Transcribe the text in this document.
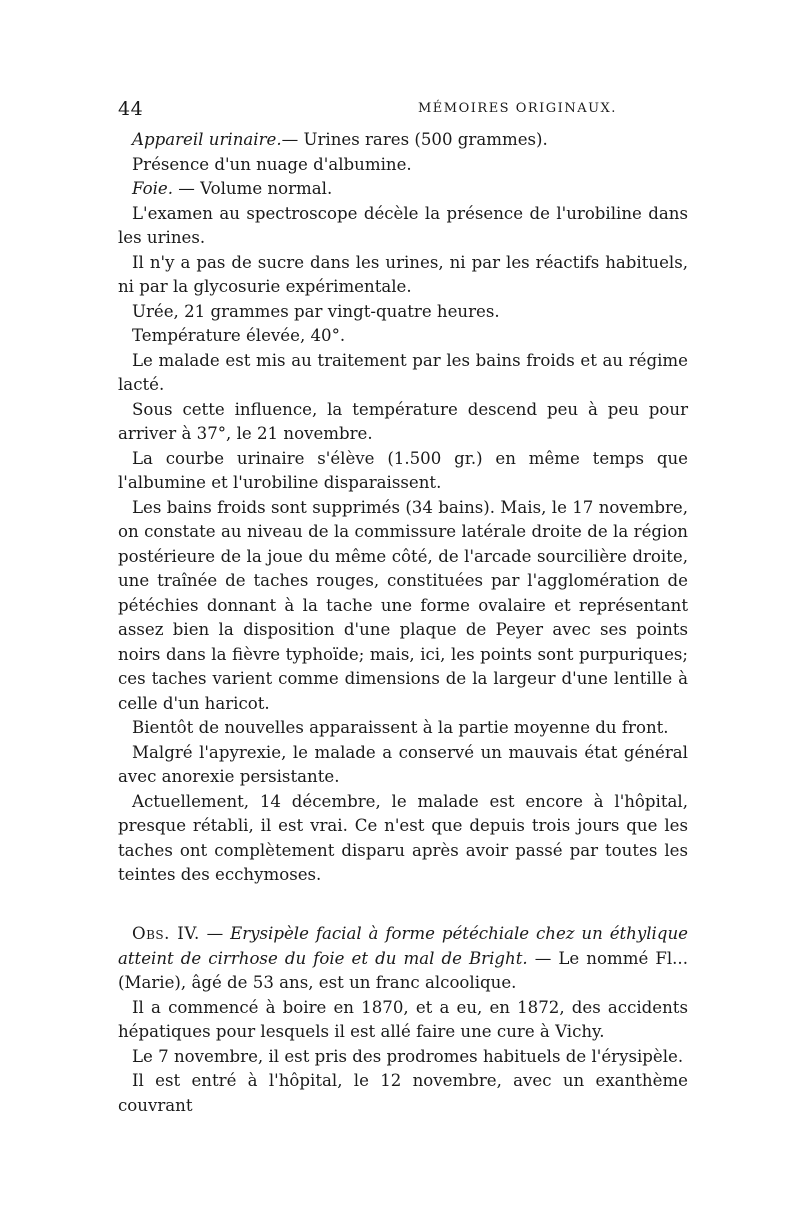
44	MÉMOIRES ORIGINAUX.

Appareil urinaire.— Urines rares (500 grammes).

Présence d'un nuage d'albumine.

Foie. — Volume normal.

L'examen au spectroscope décèle la présence de l'urobiline dans les urines.

Il n'y a pas de sucre dans les urines, ni par les réactifs habituels, ni par la glycosurie expérimentale.

Urée, 21 grammes par vingt-quatre heures.

Température élevée, 40°.

Le malade est mis au traitement par les bains froids et au régime lacté.

Sous cette influence, la température descend peu à peu pour arriver à 37°, le 21 novembre.

La courbe urinaire s'élève (1.500 gr.) en même temps que l'albumine et l'urobiline disparaissent.

Les bains froids sont supprimés (34 bains). Mais, le 17 novembre, on constate au niveau de la commissure latérale droite de la région postérieure de la joue du même côté, de l'arcade sourcilière droite, une traînée de taches rouges, constituées par l'agglomération de pétéchies donnant à la tache une forme ovalaire et représentant assez bien la disposition d'une plaque de Peyer avec ses points noirs dans la fièvre typhoïde; mais, ici, les points sont purpuriques; ces taches varient comme dimensions de la largeur d'une lentille à celle d'un haricot.

Bientôt de nouvelles apparaissent à la partie moyenne du front.

Malgré l'apyrexie, le malade a conservé un mauvais état général avec anorexie persistante.

Actuellement, 14 décembre, le malade est encore à l'hôpital, presque rétabli, il est vrai. Ce n'est que depuis trois jours que les taches ont complètement disparu après avoir passé par toutes les teintes des ecchymoses.

Obs. IV. — Erysipèle facial à forme pétéchiale chez un éthylique atteint de cirrhose du foie et du mal de Bright. — Le nommé Fl... (Marie), âgé de 53 ans, est un franc alcoolique.

Il a commencé à boire en 1870, et a eu, en 1872, des accidents hépatiques pour lesquels il est allé faire une cure à Vichy.

Le 7 novembre, il est pris des prodromes habituels de l'érysipèle.

Il est entré à l'hôpital, le 12 novembre, avec un exanthème couvrant
